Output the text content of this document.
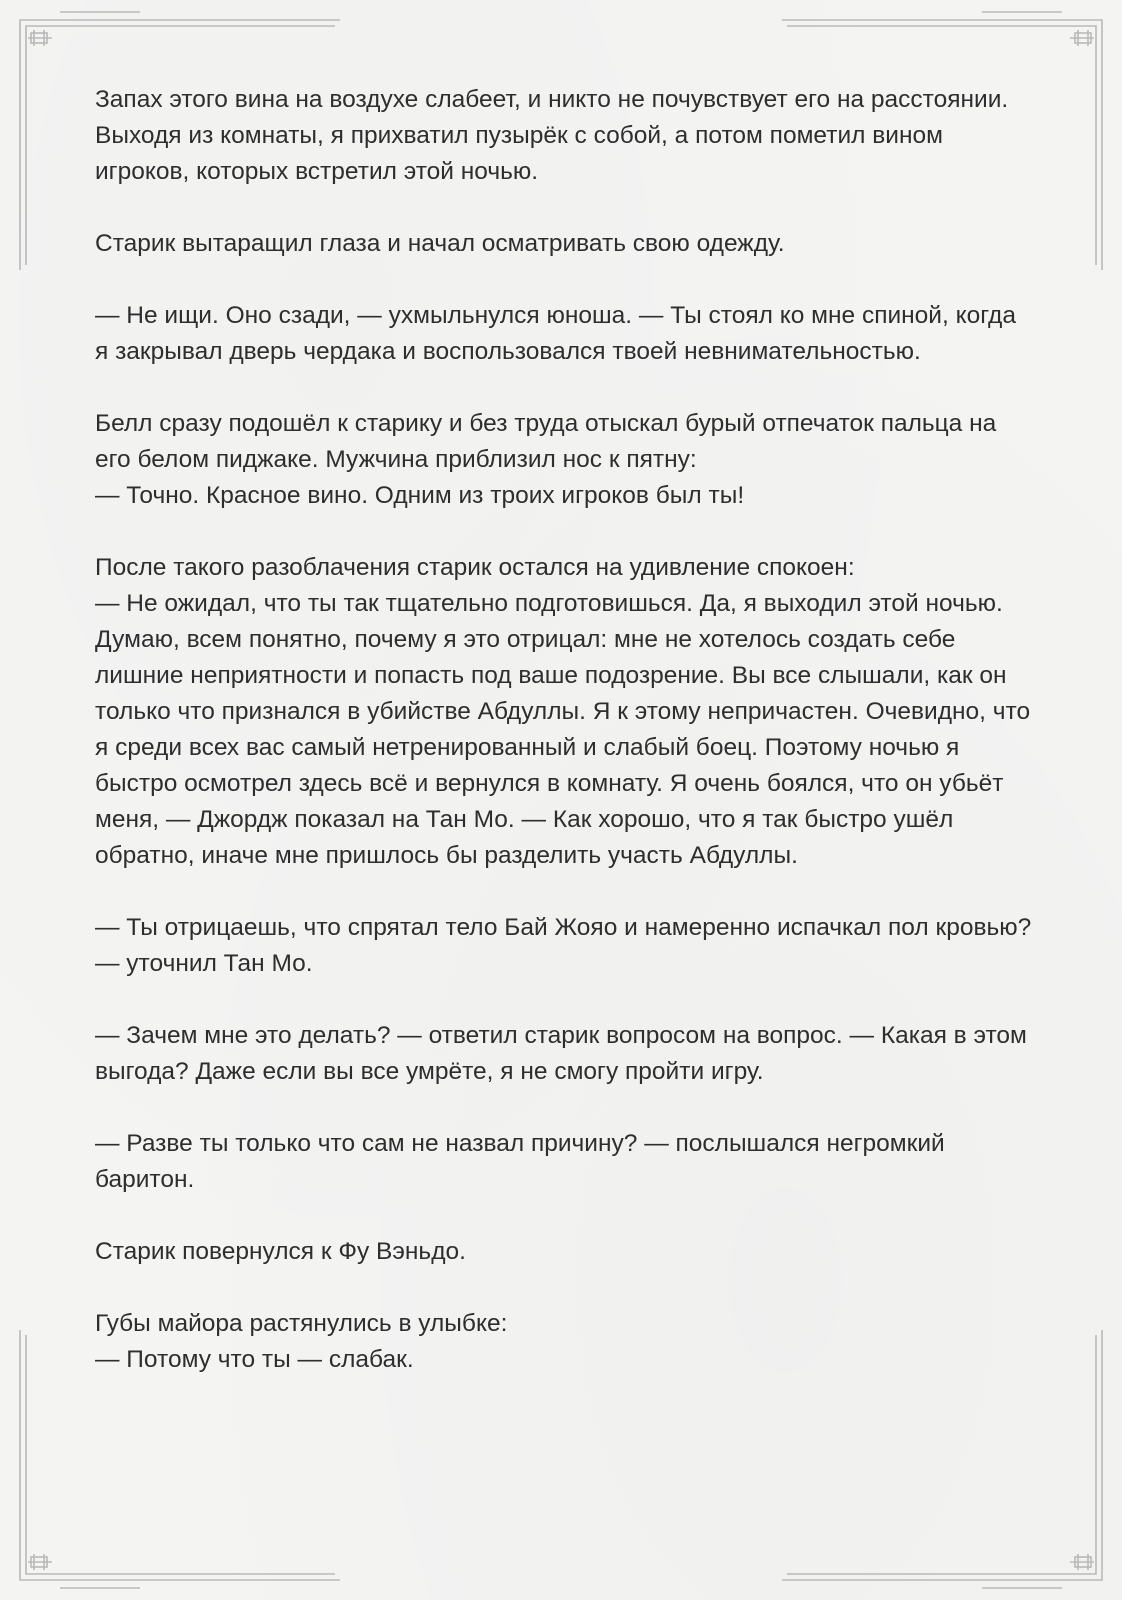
Запах этого вина на воздухе слабеет, и никто не почувствует его на расстоянии. Выходя из комнаты, я прихватил пузырёк с собой, а потом пометил вином игроков, которых встретил этой ночью.

Старик вытаращил глаза и начал осматривать свою одежду.

— Не ищи. Оно сзади, — ухмыльнулся юноша. — Ты стоял ко мне спиной, когда я закрывал дверь чердака и воспользовался твоей невнимательностью.

Белл сразу подошёл к старику и без труда отыскал бурый отпечаток пальца на его белом пиджаке. Мужчина приблизил нос к пятну:
— Точно. Красное вино. Одним из троих игроков был ты!

После такого разоблачения старик остался на удивление спокоен:
— Не ожидал, что ты так тщательно подготовишься. Да, я выходил этой ночью. Думаю, всем понятно, почему я это отрицал: мне не хотелось создать себе лишние неприятности и попасть под ваше подозрение. Вы все слышали, как он только что признался в убийстве Абдуллы. Я к этому непричастен. Очевидно, что я среди всех вас самый нетренированный и слабый боец. Поэтому ночью я быстро осмотрел здесь всё и вернулся в комнату. Я очень боялся, что он убьёт меня, — Джордж показал на Тан Мо. — Как хорошо, что я так быстро ушёл обратно, иначе мне пришлось бы разделить участь Абдуллы.

— Ты отрицаешь, что спрятал тело Бай Жояо и намеренно испачкал пол кровью? — уточнил Тан Мо.

— Зачем мне это делать? — ответил старик вопросом на вопрос. — Какая в этом выгода? Даже если вы все умрёте, я не смогу пройти игру.

— Разве ты только что сам не назвал причину? — послышался негромкий баритон.

Старик повернулся к Фу Вэньдо.

Губы майора растянулись в улыбке:
— Потому что ты — слабак.
